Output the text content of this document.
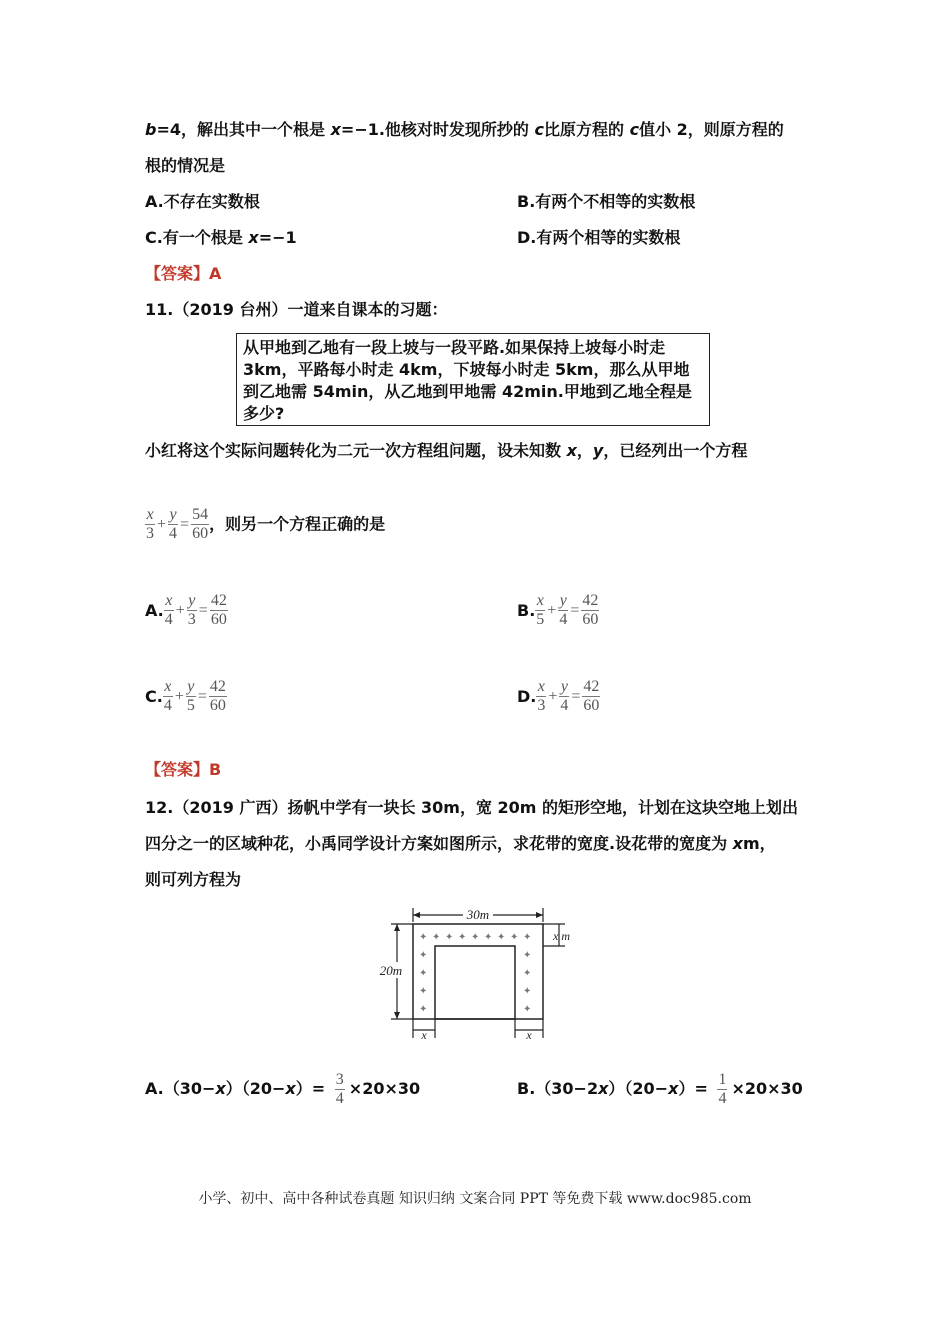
b=4，解出其中一个根是 x=−1.他核对时发现所抄的 c比原方程的 c值小 2，则原方程的
根的情况是
A.不存在实数根	B.有两个不相等的实数根
C.有一个根是 x=−1	D.有两个相等的实数根
【答案】A
11.（2019 台州）一道来自课本的习题：
从甲地到乙地有一段上坡与一段平路.如果保持上坡每小时走 3km，平路每小时走 4km，下坡每小时走 5km，那么从甲地到乙地需 54min，从乙地到甲地需 42min.甲地到乙地全程是多少?
小红将这个实际问题转化为二元一次方程组问题，设未知数 x，y，已经列出一个方程
$\frac{x}{3} + \frac{y}{4} = \frac{54}{60}$ ，则另一个方程正确的是
A. $\frac{x}{4} + \frac{y}{3} = \frac{42}{60}$	B. $\frac{x}{5} + \frac{y}{4} = \frac{42}{60}$
C. $\frac{x}{4} + \frac{y}{5} = \frac{42}{60}$	D. $\frac{x}{3} + \frac{y}{4} = \frac{42}{60}$
【答案】B
12.（2019 广西）扬帆中学有一块长 30m，宽 20m 的矩形空地，计划在这块空地上划出
四分之一的区域种花，小禹同学设计方案如图所示，求花带的宽度.设花带的宽度为 xm，
则可列方程为
✦ ✦ ✦ ✦ ✦ ✦ ✦ ✦ ✦
✦
✦
✦
✦
✦
✦
✦
✦
30m
20m
x m
x	x
$A.(30-x)(20-x)= \frac{3}{4} \times 20\times 30$	$B.(30-2x)(20-x)= \frac{1}{4} \times 20\times 30$
小学、初中、高中各种试卷真题 知识归纳 文案合同 PPT 等免费下载 www.doc985.com
